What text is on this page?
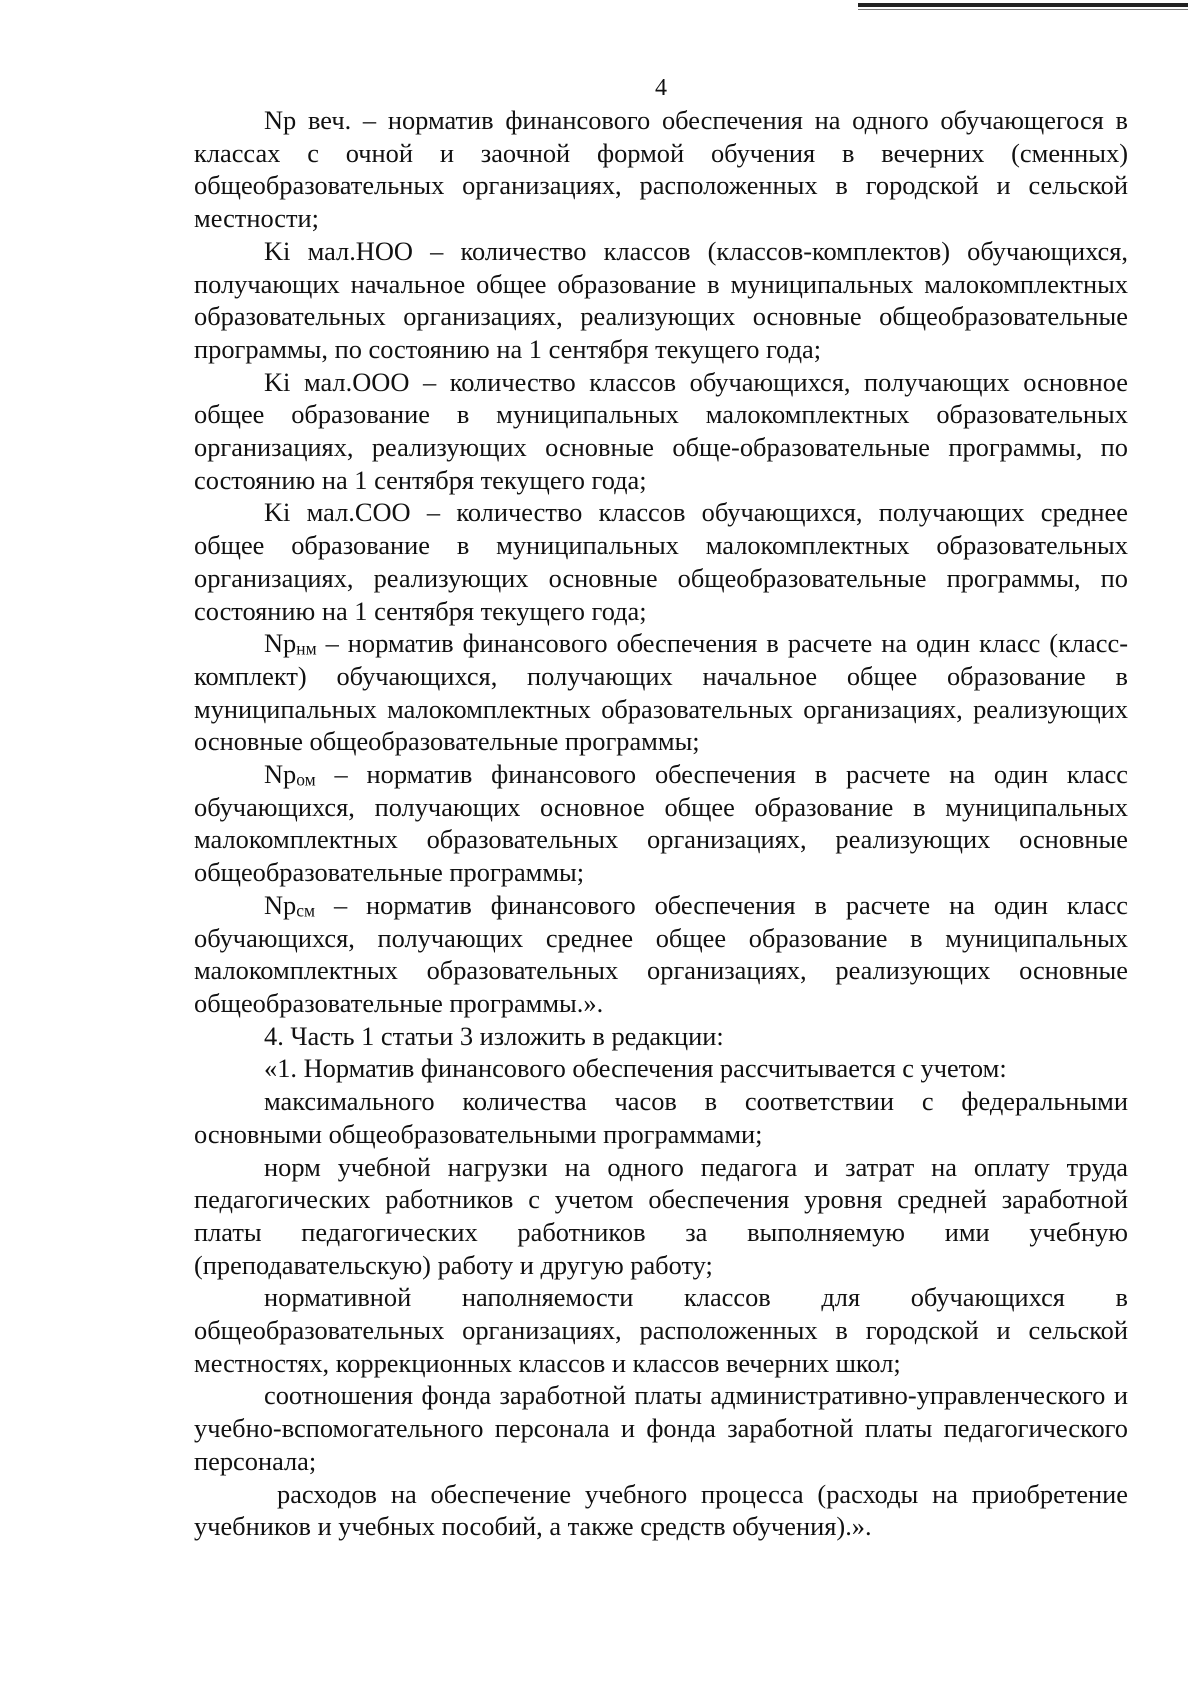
4

Np веч. – норматив финансового обеспечения на одного обучающегося в классах с очной и заочной формой обучения в вечерних (сменных) общеобразовательных организациях, расположенных в городской и сельской местности;

Ki мал.НОО – количество классов (классов-комплектов) обучающихся, получающих начальное общее образование в муниципальных малокомплектных образовательных организациях, реализующих основные общеобразовательные программы, по состоянию на 1 сентября текущего года;

Ki мал.ООО – количество классов обучающихся, получающих основное общее образование в муниципальных малокомплектных образовательных организациях, реализующих основные обще-образовательные программы, по состоянию на 1 сентября текущего года;

Ki мал.СОО – количество классов обучающихся, получающих среднее общее образование в муниципальных малокомплектных образовательных организациях, реализующих основные общеобразовательные программы, по состоянию на 1 сентября текущего года;

Npнм – норматив финансового обеспечения в расчете на один класс (класс-комплект) обучающихся, получающих начальное общее образование в муниципальных малокомплектных образовательных организациях, реализующих основные общеобразовательные программы;

Npом – норматив финансового обеспечения в расчете на один класс обучающихся, получающих основное общее образование в муниципальных малокомплектных образовательных организациях, реализующих основные общеобразовательные программы;

Npсм – норматив финансового обеспечения в расчете на один класс обучающихся, получающих среднее общее образование в муниципальных малокомплектных образовательных организациях, реализующих основные общеобразовательные программы.».

4. Часть 1 статьи 3 изложить в редакции:

«1. Норматив финансового обеспечения рассчитывается с учетом:

максимального количества часов в соответствии с федеральными основными общеобразовательными программами;

норм учебной нагрузки на одного педагога и затрат на оплату труда педагогических работников с учетом обеспечения уровня средней заработной платы педагогических работников за выполняемую ими учебную (преподавательскую) работу и другую работу;

нормативной наполняемости классов для обучающихся в общеобразовательных организациях, расположенных в городской и сельской местностях, коррекционных классов и классов вечерних школ;

соотношения фонда заработной платы административно-управленческого и учебно-вспомогательного персонала и фонда заработной платы педагогического персонала;

расходов на обеспечение учебного процесса (расходы на приобретение учебников и учебных пособий, а также средств обучения).».
